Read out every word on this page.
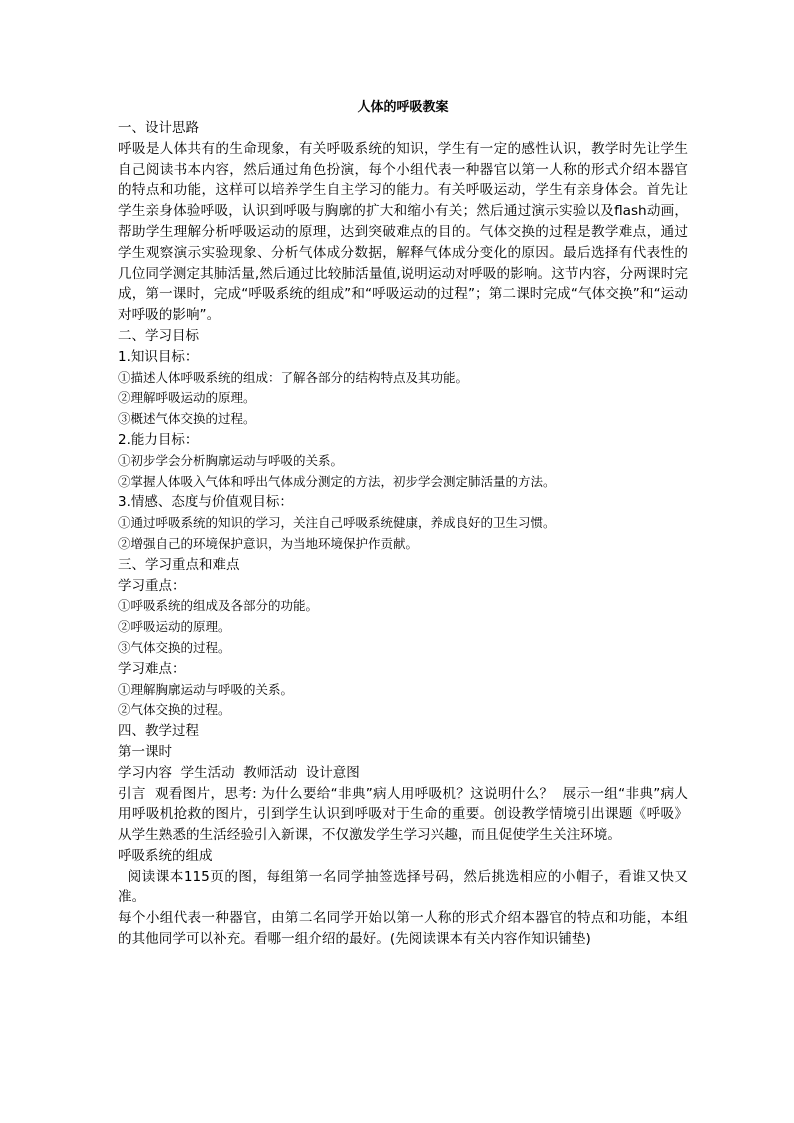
人体的呼吸教案
一、设计思路
呼吸是人体共有的生命现象，有关呼吸系统的知识，学生有一定的感性认识，教学时先让学生自己阅读书本内容，然后通过角色扮演，每个小组代表一种器官以第一人称的形式介绍本器官的特点和功能，这样可以培养学生自主学习的能力。有关呼吸运动，学生有亲身体会。首先让学生亲身体验呼吸，认识到呼吸与胸廓的扩大和缩小有关；然后通过演示实验以及flash动画，帮助学生理解分析呼吸运动的原理，达到突破难点的目的。气体交换的过程是教学难点，通过学生观察演示实验现象、分析气体成分数据，解释气体成分变化的原因。最后选择有代表性的几位同学测定其肺活量,然后通过比较肺活量值,说明运动对呼吸的影响。这节内容，分两课时完成，第一课时，完成“呼吸系统的组成”和“呼吸运动的过程”；第二课时完成“气体交换”和“运动对呼吸的影响”。
二、学习目标
1.知识目标：
①描述人体呼吸系统的组成：了解各部分的结构特点及其功能。
②理解呼吸运动的原理。
③概述气体交换的过程。
2.能力目标：
①初步学会分析胸廓运动与呼吸的关系。
②掌握人体吸入气体和呼出气体成分测定的方法，初步学会测定肺活量的方法。
3.情感、态度与价值观目标：
①通过呼吸系统的知识的学习，关注自己呼吸系统健康，养成良好的卫生习惯。
②增强自己的环境保护意识，为当地环境保护作贡献。
三、学习重点和难点
学习重点：
①呼吸系统的组成及各部分的功能。
②呼吸运动的原理。
③气体交换的过程。
学习难点：
①理解胸廓运动与呼吸的关系。
②气体交换的过程。
四、教学过程
第一课时
学习内容  学生活动  教师活动  设计意图
引言  观看图片，思考: 为什么要给“非典”病人用呼吸机？这说明什么？  展示一组“非典”病人用呼吸机抢救的图片，引到学生认识到呼吸对于生命的重要。创设教学情境引出课题《呼吸》 从学生熟悉的生活经验引入新课，不仅激发学生学习兴趣，而且促使学生关注环境。
呼吸系统的组成
阅读课本115页的图，每组第一名同学抽签选择号码，然后挑选相应的小帽子，看谁又快又准。
每个小组代表一种器官，由第二名同学开始以第一人称的形式介绍本器官的特点和功能，本组的其他同学可以补充。看哪一组介绍的最好。(先阅读课本有关内容作知识铺垫)
